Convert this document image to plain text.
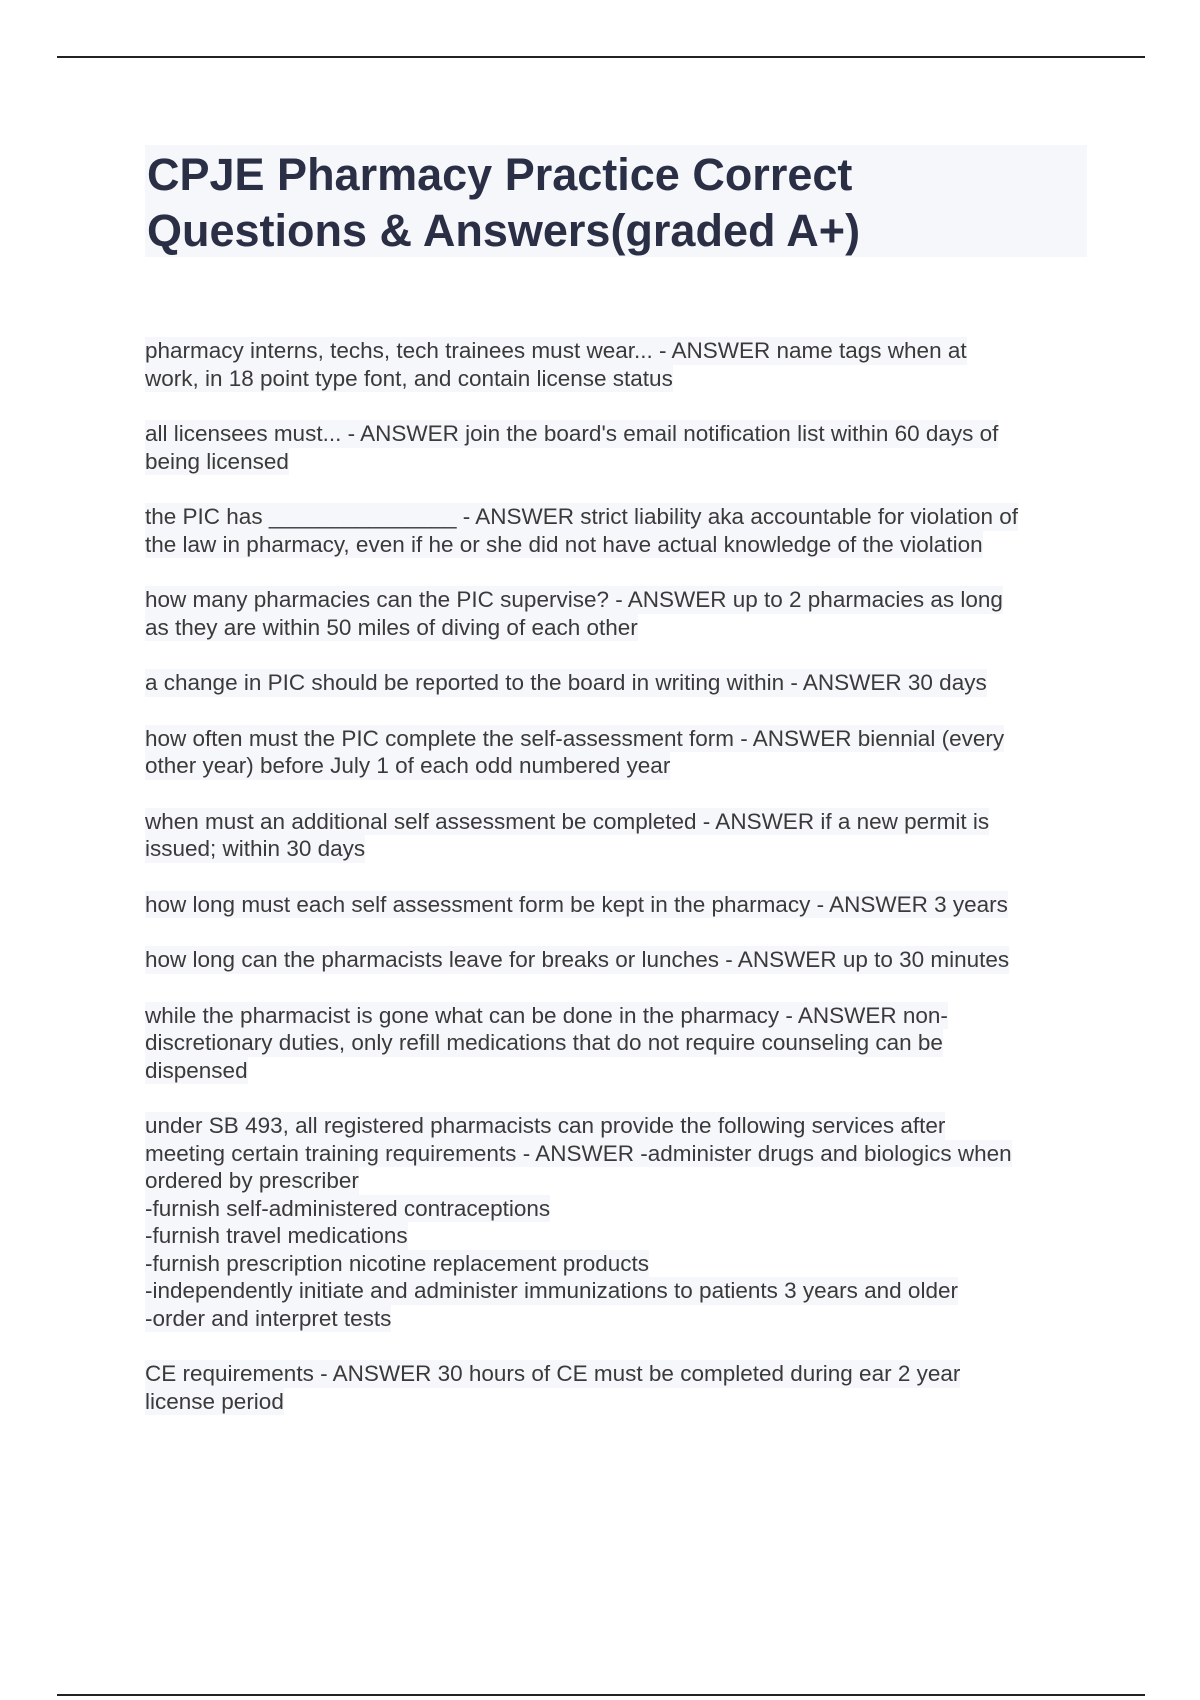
CPJE Pharmacy Practice Correct
Questions & Answers(graded A+)
pharmacy interns, techs, tech trainees must wear... - ANSWER name tags when at
work, in 18 point type font, and contain license status
all licensees must... - ANSWER join the board's email notification list within 60 days of
being licensed
the PIC has _______________ - ANSWER strict liability aka accountable for violation of
the law in pharmacy, even if he or she did not have actual knowledge of the violation
how many pharmacies can the PIC supervise? - ANSWER up to 2 pharmacies as long
as they are within 50 miles of diving of each other
a change in PIC should be reported to the board in writing within - ANSWER 30 days
how often must the PIC complete the self-assessment form - ANSWER biennial (every
other year) before July 1 of each odd numbered year
when must an additional self assessment be completed - ANSWER if a new permit is
issued; within 30 days
how long must each self assessment form be kept in the pharmacy - ANSWER 3 years
how long can the pharmacists leave for breaks or lunches - ANSWER up to 30 minutes
while the pharmacist is gone what can be done in the pharmacy - ANSWER non-
discretionary duties, only refill medications that do not require counseling can be
dispensed
under SB 493, all registered pharmacists can provide the following services after
meeting certain training requirements - ANSWER -administer drugs and biologics when
ordered by prescriber
-furnish self-administered contraceptions
-furnish travel medications
-furnish prescription nicotine replacement products
-independently initiate and administer immunizations to patients 3 years and older
-order and interpret tests
CE requirements - ANSWER 30 hours of CE must be completed during ear 2 year
license period
